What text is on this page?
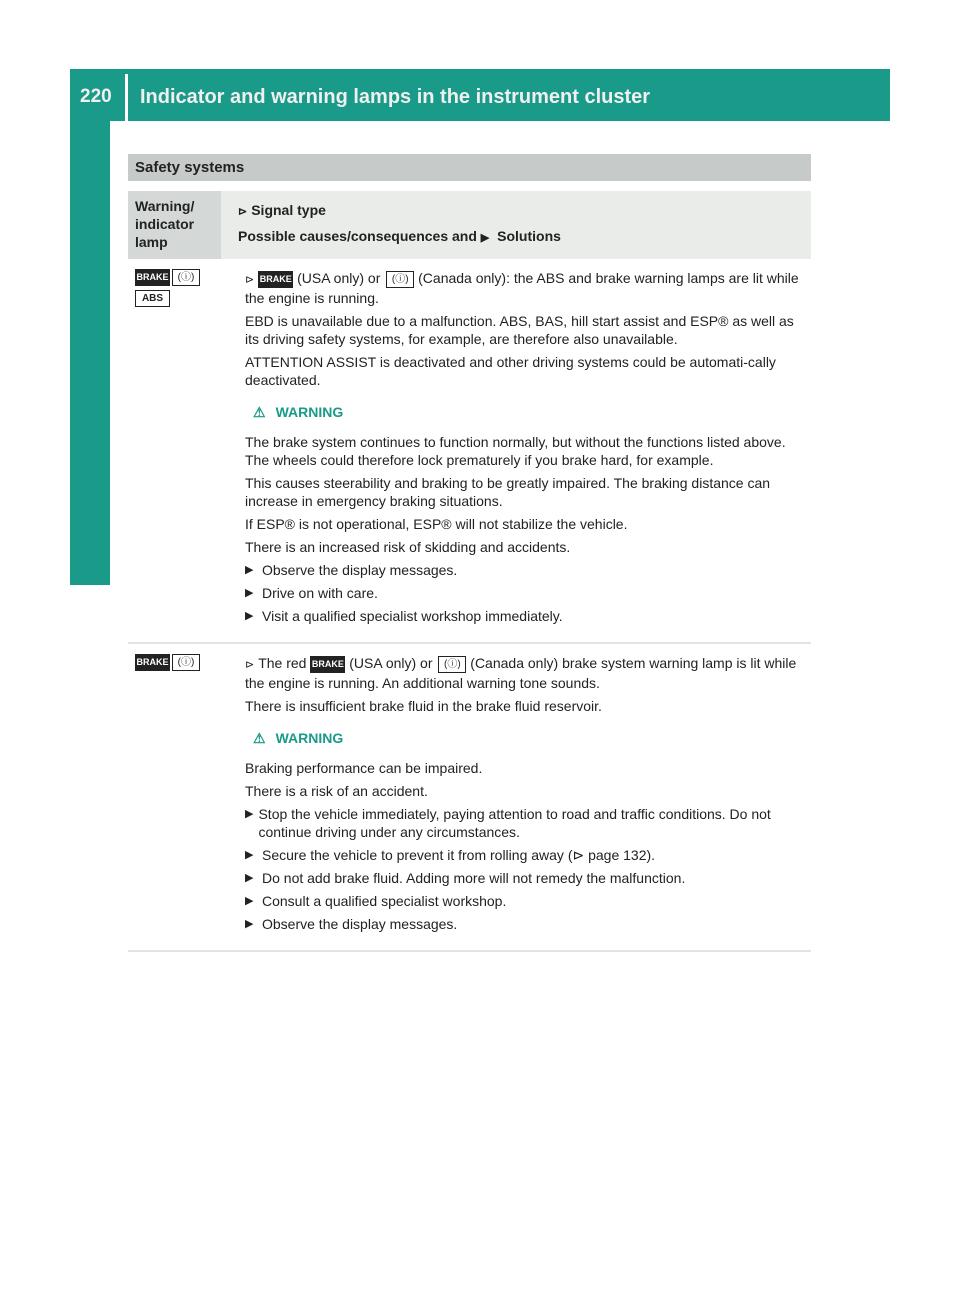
220 Indicator and warning lamps in the instrument cluster
On-board computer and displays
Safety systems
Warning/
indicator
lamp
⊳ Signal type
Possible causes/consequences and ▶ Solutions
BRAKE (ⓘ)
ABS

⊳ BRAKE (USA only) or (ⓘ) (Canada only): the ABS and brake warning lamps are lit while the engine is running.

EBD is unavailable due to a malfunction. ABS, BAS, hill start assist and ESP® as well as its driving safety systems, for example, are therefore also unavailable.

ATTENTION ASSIST is deactivated and other driving systems could be automati-cally deactivated.

⚠ WARNING

The brake system continues to function normally, but without the functions listed above. The wheels could therefore lock prematurely if you brake hard, for example.

This causes steerability and braking to be greatly impaired. The braking distance can increase in emergency braking situations.

If ESP® is not operational, ESP® will not stabilize the vehicle.

There is an increased risk of skidding and accidents.

▶ Observe the display messages.
▶ Drive on with care.
▶ Visit a qualified specialist workshop immediately.
BRAKE (ⓘ)	⊳ The red BRAKE (USA only) or (ⓘ) (Canada only) brake system warning lamp is lit while the engine is running. An additional warning tone sounds.

There is insufficient brake fluid in the brake fluid reservoir.

⚠ WARNING

Braking performance can be impaired.

There is a risk of an accident.

▶ Stop the vehicle immediately, paying attention to road and traffic conditions. Do not continue driving under any circumstances.
▶ Secure the vehicle to prevent it from rolling away (⊳ page 132).
▶ Do not add brake fluid. Adding more will not remedy the malfunction.
▶ Consult a qualified specialist workshop.
▶ Observe the display messages.
